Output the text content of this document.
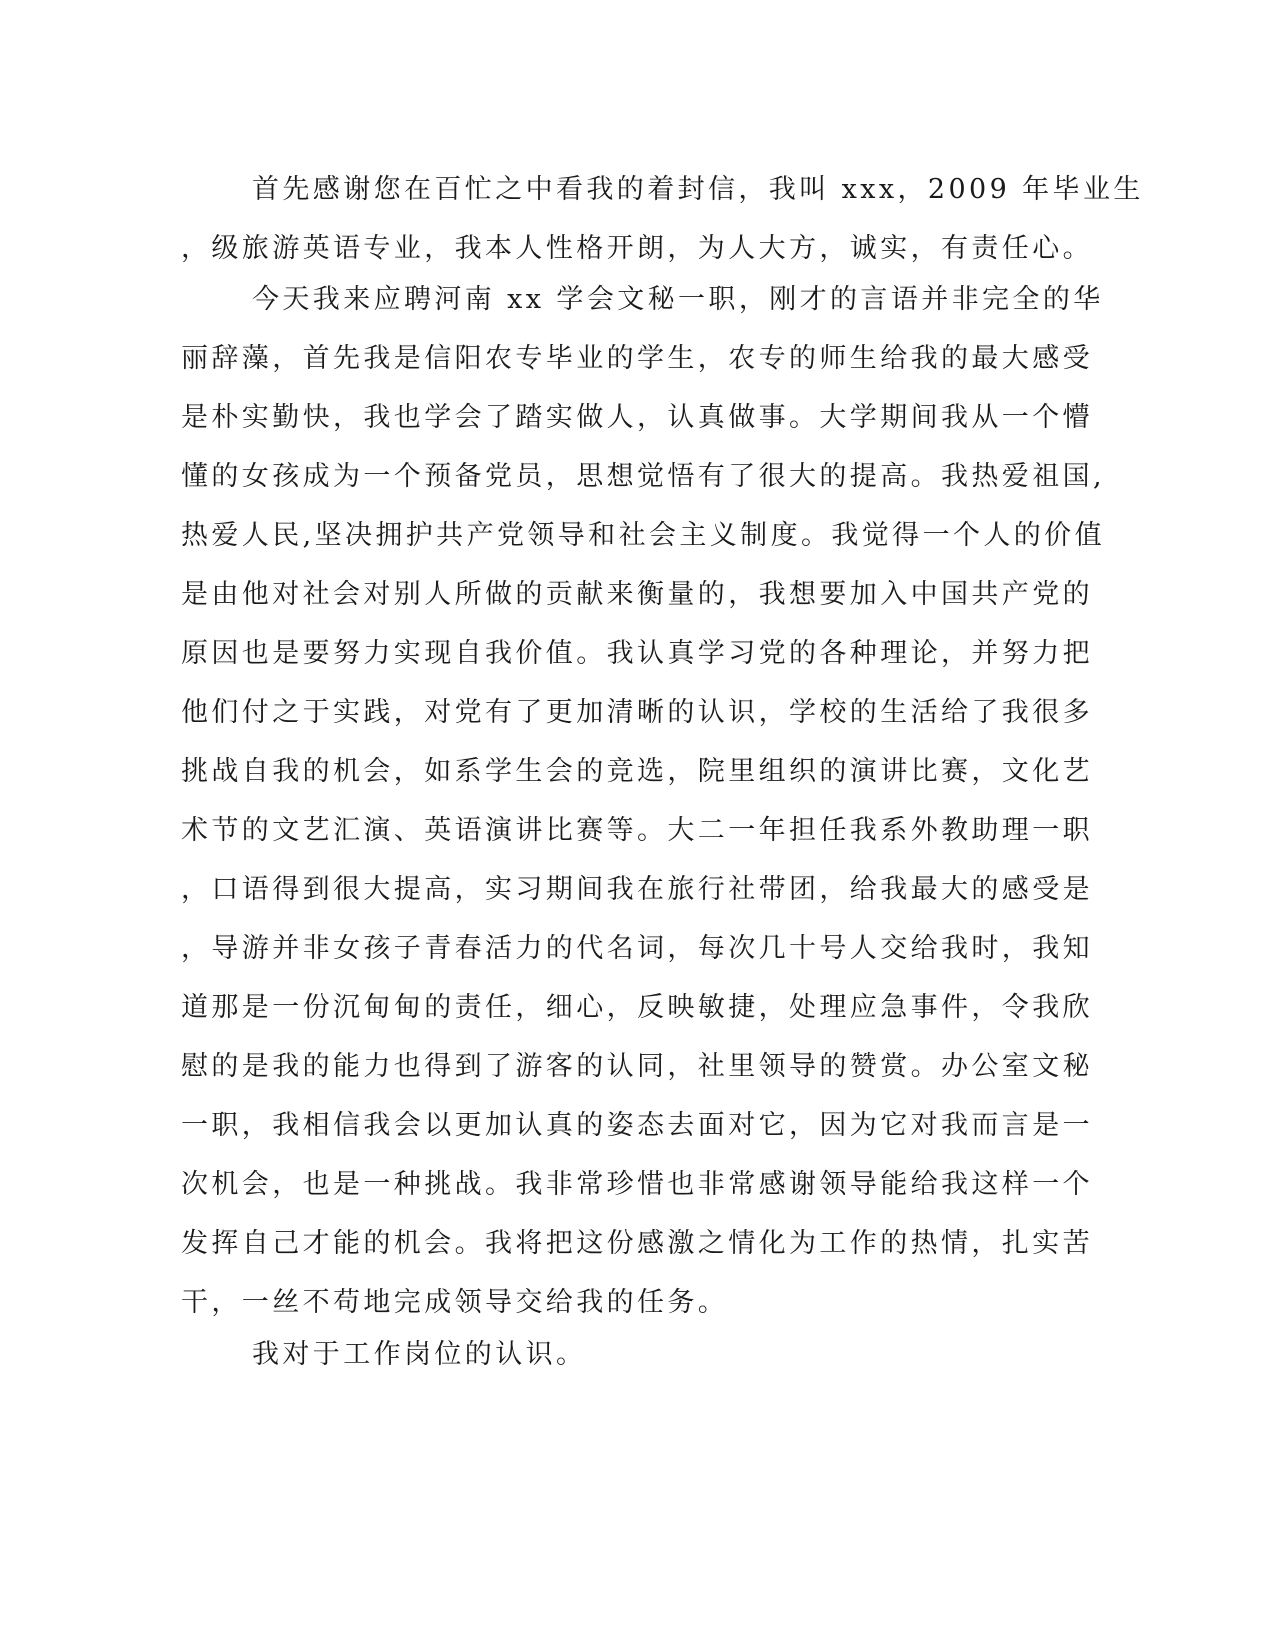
首先感谢您在百忙之中看我的着封信，我叫 xxx，2009 年毕业生
，级旅游英语专业，我本人性格开朗，为人大方，诚实，有责任心。
今天我来应聘河南 xx 学会文秘一职，刚才的言语并非完全的华
丽辞藻，首先我是信阳农专毕业的学生，农专的师生给我的最大感受
是朴实勤快，我也学会了踏实做人，认真做事。大学期间我从一个懵
懂的女孩成为一个预备党员，思想觉悟有了很大的提高。我热爱祖国,
热爱人民,坚决拥护共产党领导和社会主义制度。我觉得一个人的价值
是由他对社会对别人所做的贡献来衡量的，我想要加入中国共产党的
原因也是要努力实现自我价值。我认真学习党的各种理论，并努力把
他们付之于实践，对党有了更加清晰的认识，学校的生活给了我很多
挑战自我的机会，如系学生会的竞选，院里组织的演讲比赛，文化艺
术节的文艺汇演、英语演讲比赛等。大二一年担任我系外教助理一职
，口语得到很大提高，实习期间我在旅行社带团，给我最大的感受是
，导游并非女孩子青春活力的代名词，每次几十号人交给我时，我知
道那是一份沉甸甸的责任，细心，反映敏捷，处理应急事件，令我欣
慰的是我的能力也得到了游客的认同，社里领导的赞赏。办公室文秘
一职，我相信我会以更加认真的姿态去面对它，因为它对我而言是一
次机会，也是一种挑战。我非常珍惜也非常感谢领导能给我这样一个
发挥自己才能的机会。我将把这份感激之情化为工作的热情，扎实苦
干，一丝不苟地完成领导交给我的任务。
我对于工作岗位的认识。
